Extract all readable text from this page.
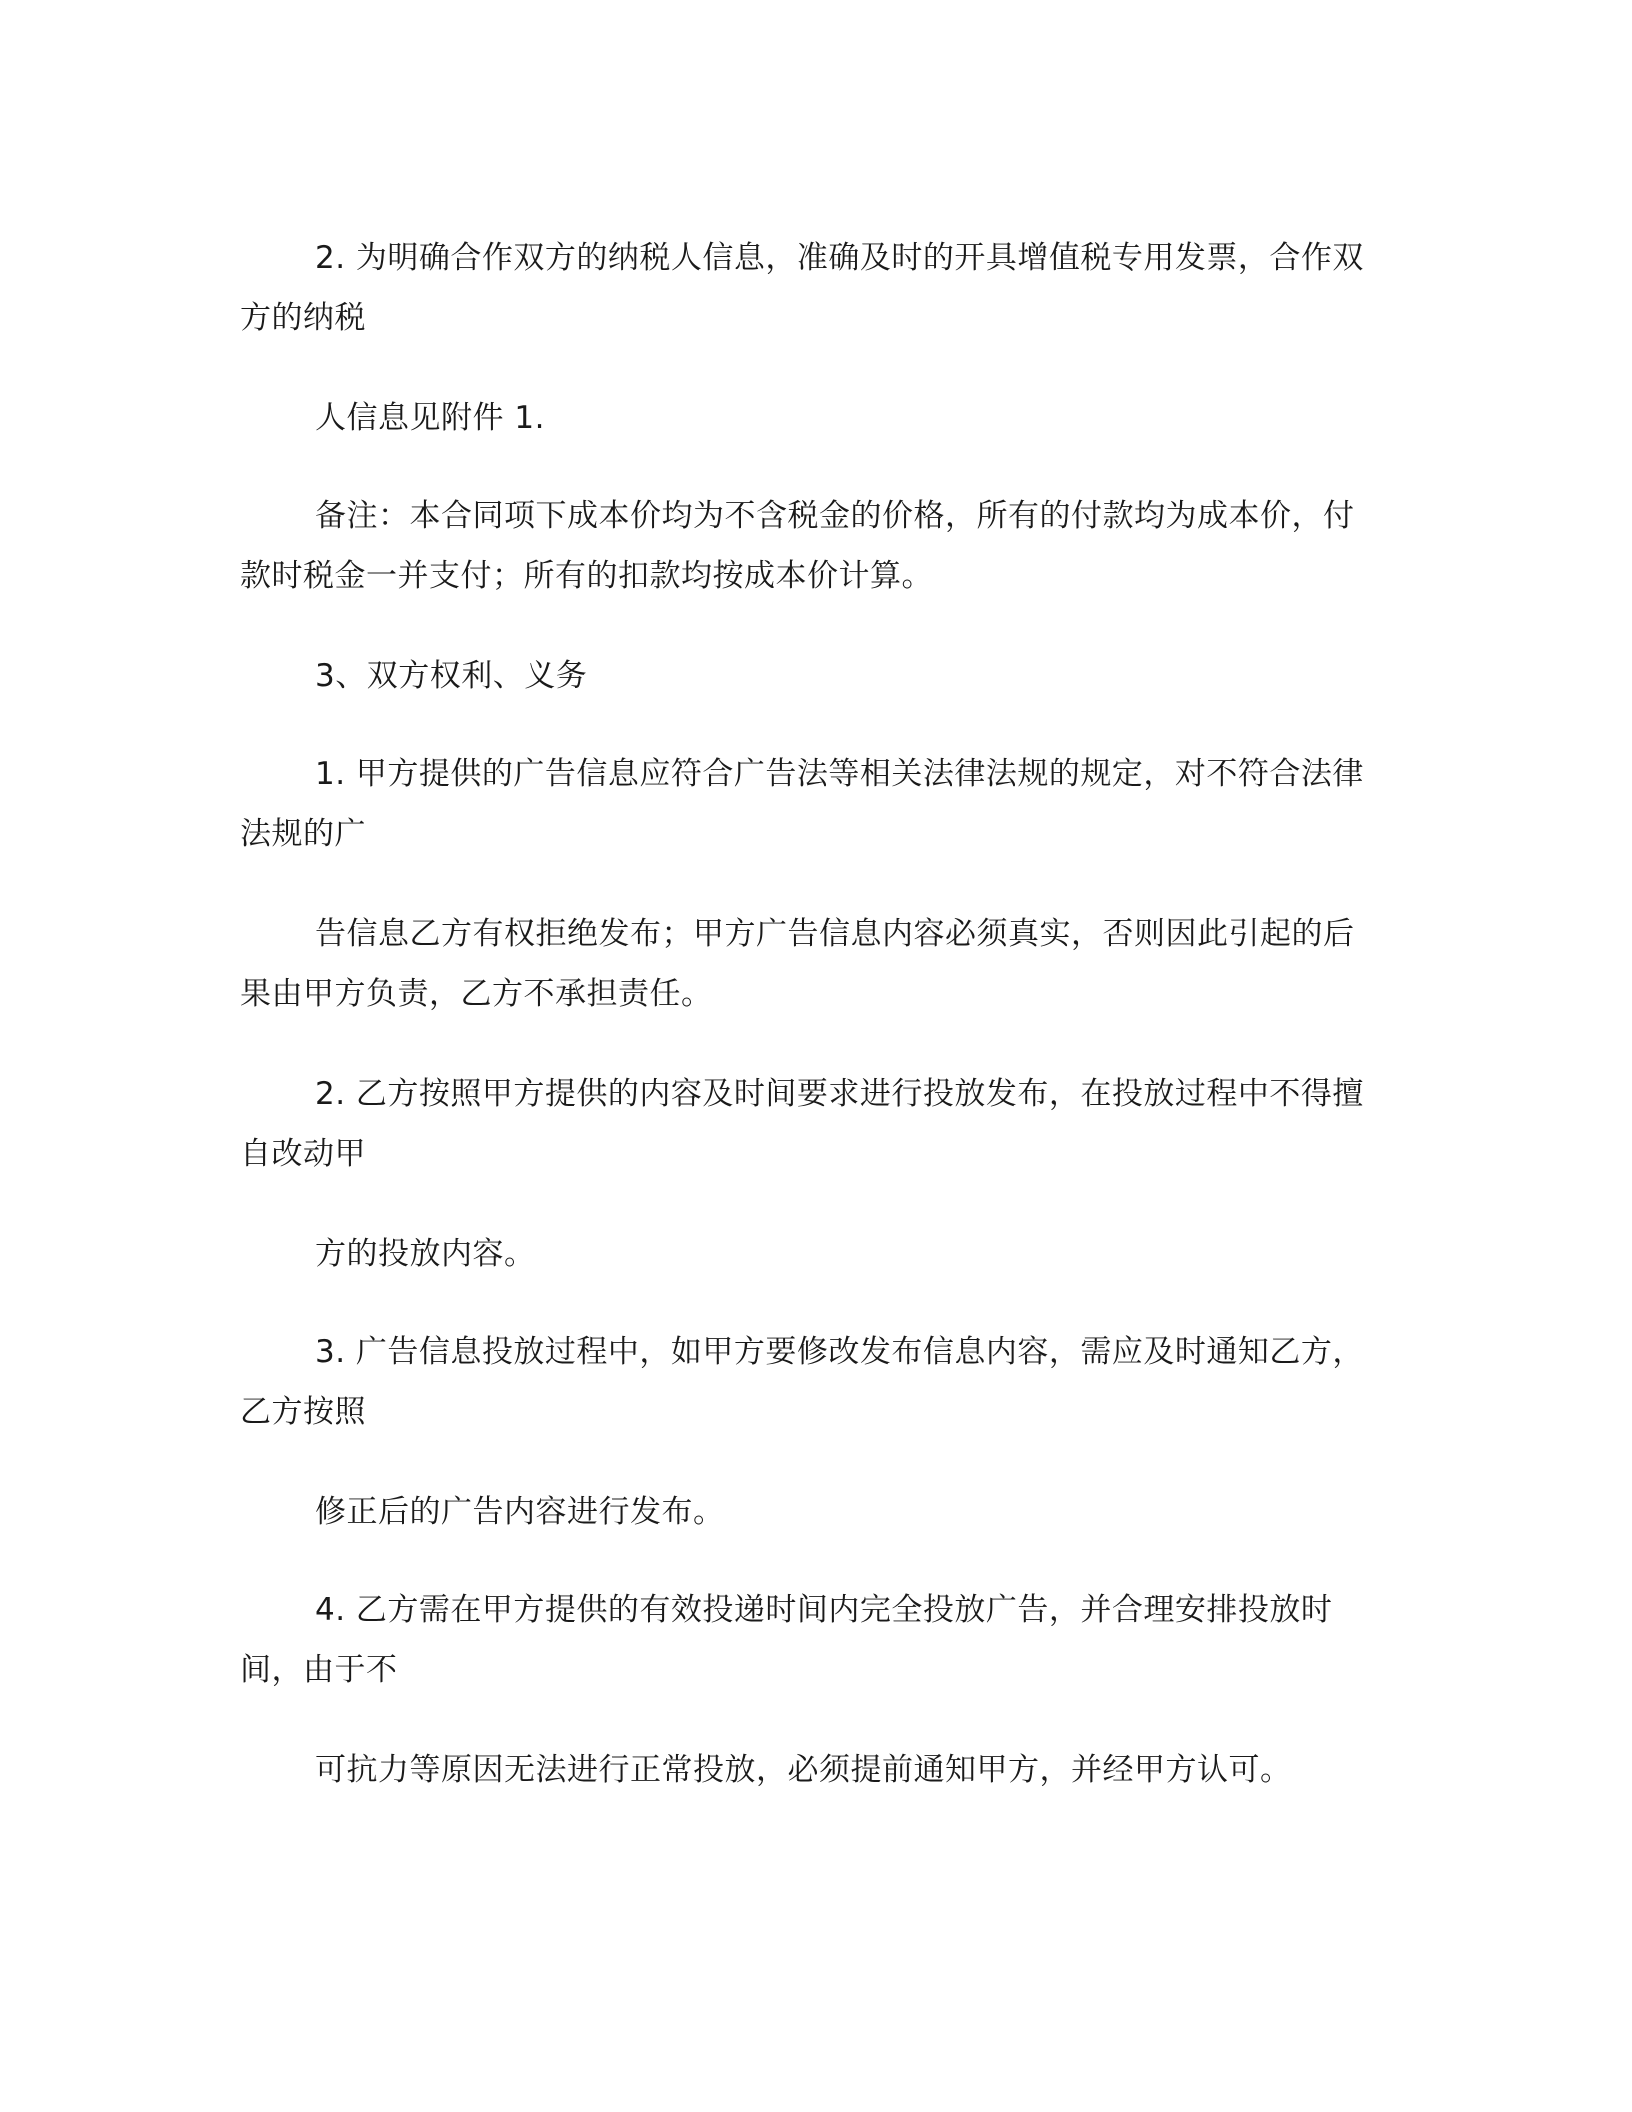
2. 为明确合作双方的纳税人信息，准确及时的开具增值税专用发票，合作双
方的纳税
人信息见附件 1.
备注：本合同项下成本价均为不含税金的价格，所有的付款均为成本价，付
款时税金一并支付；所有的扣款均按成本价计算。
3、双方权利、义务
1. 甲方提供的广告信息应符合广告法等相关法律法规的规定，对不符合法律
法规的广
告信息乙方有权拒绝发布；甲方广告信息内容必须真实，否则因此引起的后
果由甲方负责，乙方不承担责任。
2. 乙方按照甲方提供的内容及时间要求进行投放发布，在投放过程中不得擅
自改动甲
方的投放内容。
3. 广告信息投放过程中，如甲方要修改发布信息内容，需应及时通知乙方，
乙方按照
修正后的广告内容进行发布。
4. 乙方需在甲方提供的有效投递时间内完全投放广告，并合理安排投放时
间，由于不
可抗力等原因无法进行正常投放，必须提前通知甲方，并经甲方认可。
